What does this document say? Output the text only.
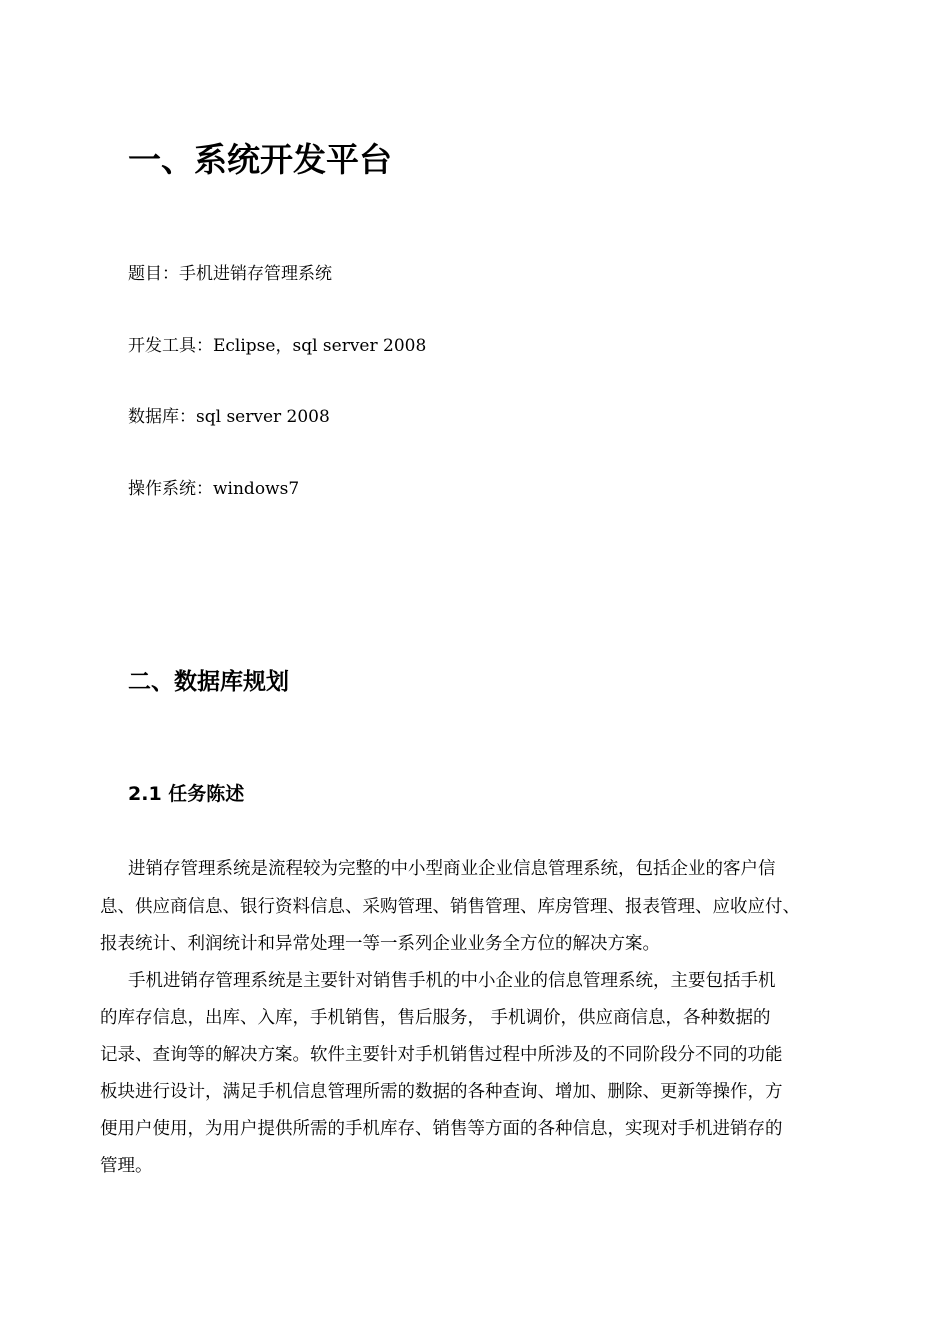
一、系统开发平台
题目：手机进销存管理系统
开发工具：Eclipse，sql server 2008
数据库：sql server 2008
操作系统：windows7
二、数据库规划
2.1 任务陈述
进销存管理系统是流程较为完整的中小型商业企业信息管理系统，包括企业的客户信
息、供应商信息、银行资料信息、采购管理、销售管理、库房管理、报表管理、应收应付、
报表统计、利润统计和异常处理一等一系列企业业务全方位的解决方案。
手机进销存管理系统是主要针对销售手机的中小企业的信息管理系统，主要包括手机
的库存信息，出库、入库，手机销售，售后服务， 手机调价，供应商信息，各种数据的
记录、查询等的解决方案。软件主要针对手机销售过程中所涉及的不同阶段分不同的功能
板块进行设计，满足手机信息管理所需的数据的各种查询、增加、删除、更新等操作，方
便用户使用，为用户提供所需的手机库存、销售等方面的各种信息，实现对手机进销存的
管理。
